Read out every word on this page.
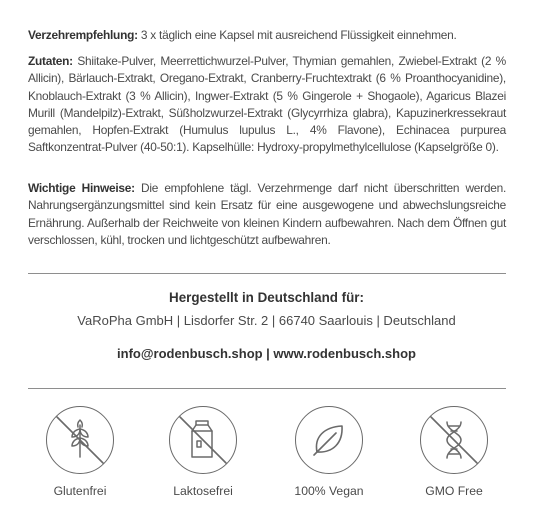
Verzehrempfehlung: 3 x täglich eine Kapsel mit ausreichend Flüssigkeit einnehmen.
Zutaten: Shiitake-Pulver, Meerrettichwurzel-Pulver, Thymian gemahlen, Zwiebel-Extrakt (2 % Allicin), Bärlauch-Extrakt, Oregano-Extrakt, Cranberry-Fruchtextrakt (6 % Proanthocyanidine), Knoblauch-Extrakt (3 % Allicin), Ingwer-Extrakt (5 % Gingerole + Shogaole), Agaricus Blazei Murill (Mandelpilz)-Extrakt, Süßholzwurzel-Extrakt (Glycyrrhiza glabra), Kapuzinerkressekraut gemahlen, Hopfen-Extrakt (Humulus lupulus L., 4% Flavone), Echinacea purpurea Saftkonzentrat-Pulver (40-50:1). Kapselhülle: Hydroxy-propylmethylcellulose (Kapselgröße 0).
Wichtige Hinweise: Die empfohlene tägl. Verzehrmenge darf nicht überschritten werden. Nahrungsergänzungsmittel sind kein Ersatz für eine ausgewogene und abwechslungsreiche Ernährung. Außerhalb der Reichweite von kleinen Kindern aufbewahren. Nach dem Öffnen gut verschlossen, kühl, trocken und lichtgeschützt aufbewahren.
Hergestellt in Deutschland für:
VaRoPha GmbH | Lisdorfer Str. 2 | 66740 Saarlouis | Deutschland
info@rodenbusch.shop | www.rodenbusch.shop
Glutenfrei	Laktosefrei	100% Vegan	GMO Free
